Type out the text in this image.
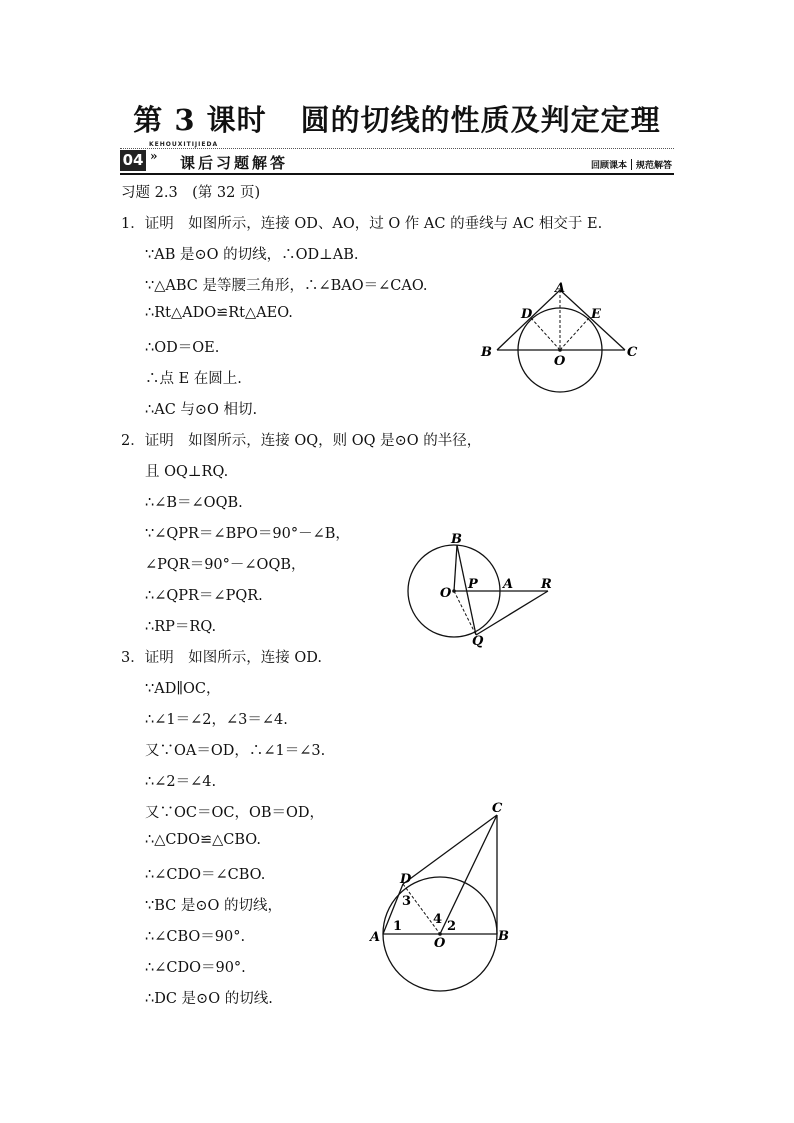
第 3 课时 圆的切线的性质及判定定理
KEHOUXITIJIEDA
04 » 课后习题解答	回顾课本 规范解答
习题 2.3　(第 32 页)
1．证明　如图所示，连接 OD、AO，过 O 作 AC 的垂线与 AC 相交于 E.
∵AB 是⊙O 的切线，∴OD⊥AB.
∵△ABC 是等腰三角形，∴∠BAO＝∠CAO.
∴Rt△ADO≌Rt△AEO.
∴OD＝OE.
∴点 E 在圆上.
∴AC 与⊙O 相切.
2．证明　如图所示，连接 OQ，则 OQ 是⊙O 的半径，
且 OQ⊥RQ.
∴∠B＝∠OQB.
∵∠QPR＝∠BPO＝90°－∠B，
∠PQR＝90°－∠OQB，
∴∠QPR＝∠PQR.
∴RP＝RQ.
3．证明　如图所示，连接 OD.
∵AD∥OC，
∴∠1＝∠2，∠3＝∠4.
又∵OA＝OD，∴∠1＝∠3.
∴∠2＝∠4.
又∵OC＝OC，OB＝OD，
∴△CDO≌△CBO.
∴∠CDO＝∠CBO.
∵BC 是⊙O 的切线，
∴∠CBO＝90°.
∴∠CDO＝90°.
∴DC 是⊙O 的切线.
A
B	C
D	E
O
B
O
P A R
Q
C
D
A	O	B
1	2
3
4
